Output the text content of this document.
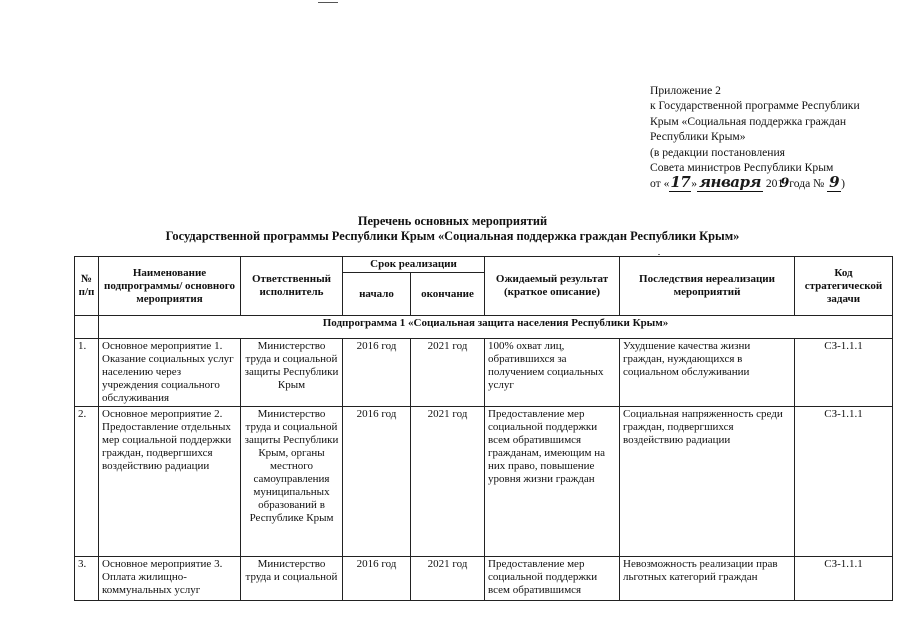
Приложение 2
к Государственной программе Республики
Крым «Социальная поддержка граждан
Республики Крым»
(в редакции постановления
Совета министров Республики Крым
от «17» января 2019года № 9 )
Перечень основных мероприятий
Государственной программы Республики Крым «Социальная поддержка граждан Республики Крым»
№ п/п	Наименование подпрограммы/ основного мероприятия	Ответственный исполнитель	Срок реализации		Ожидаемый результат (краткое описание)	Последствия нереализации мероприятий	Код стратегической задачи
			начало	окончание			
	Подпрограмма 1 «Социальная защита населения Республики Крым»						
1.	Основное мероприятие 1. Оказание социальных услуг населению через учреждения социального обслуживания	Министерство труда и социальной защиты Республики Крым	2016 год	2021 год	100% охват лиц, обратившихся за получением социальных услуг	Ухудшение качества жизни граждан, нуждающихся в социальном обслуживании	СЗ-1.1.1
2.	Основное мероприятие 2. Предоставление отдельных мер социальной поддержки граждан, подвергшихся воздействию радиации	Министерство труда и социальной защиты Республики Крым, органы местного самоуправления муниципальных образований в Республике Крым	2016 год	2021 год	Предоставление мер социальной поддержки всем обратившимся гражданам, имеющим на них право, повышение уровня жизни граждан	Социальная напряженность среди граждан, подвергшихся воздействию радиации	СЗ-1.1.1
3.	Основное мероприятие 3. Оплата жилищно-коммунальных услуг	Министерство труда и социальной	2016 год	2021 год	Предоставление мер социальной поддержки всем обратившимся	Невозможность реализации прав льготных категорий граждан	СЗ-1.1.1
